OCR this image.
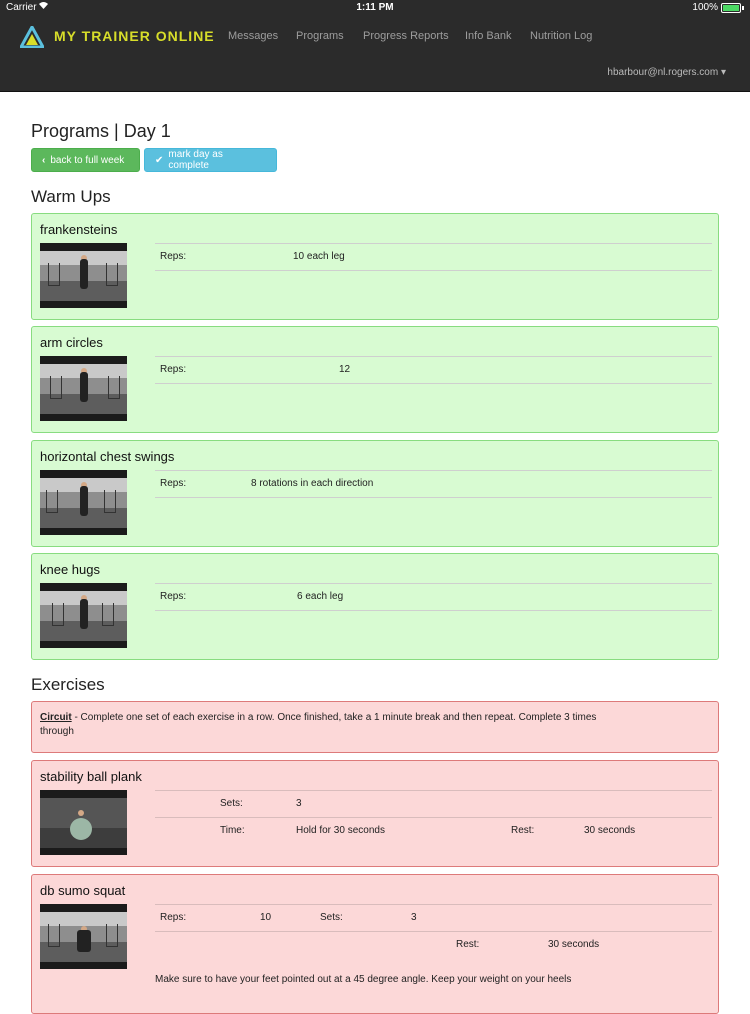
Carrier	1:11 PM	100%
MY TRAINER ONLINE Messages Programs Progress Reports Info Bank Nutrition Log
hbarbour@nl.rogers.com ▾
Programs | Day 1
‹ back to full week	✔ mark day as complete
Warm Ups
frankensteins
Reps:	10 each leg
arm circles
Reps:	12
horizontal chest swings
Reps:	8 rotations in each direction
knee hugs
Reps:	6 each leg
Exercises
Circuit - Complete one set of each exercise in a row. Once finished, take a 1 minute break and then repeat. Complete 3 times through
stability ball plank
Sets:	3
Time:	Hold for 30 seconds	Rest:	30 seconds
db sumo squat
Reps:	10	Sets:	3
Rest:	30 seconds
Make sure to have your feet pointed out at a 45 degree angle. Keep your weight on your heels
